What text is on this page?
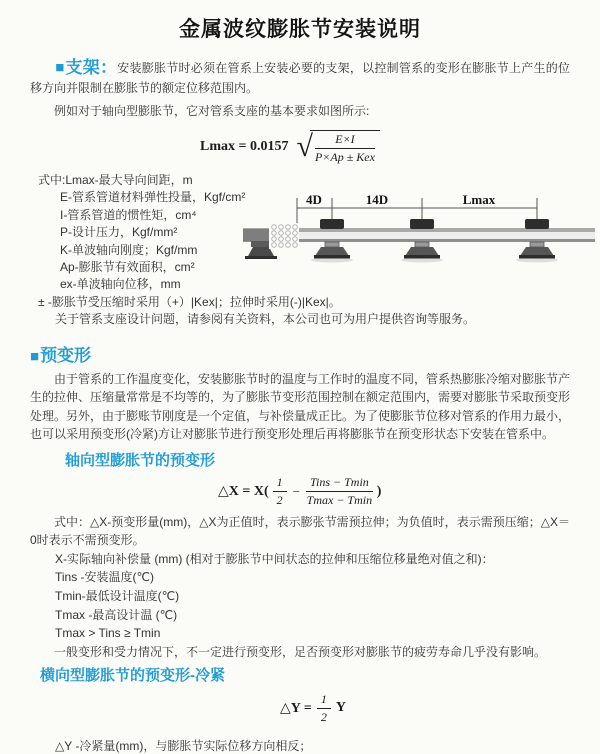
金属波纹膨胀节安装说明

■支架：安装膨胀节时必须在管系上安装必要的支架，以控制管系的变形在膨胀节上产生的位移方向并限制在膨胀节的额定位移范围内。

例如对于轴向型膨胀节，它对管系支座的基本要求如图所示:

Lmax = 0.0157 √ $\frac{E\times I}{\text{P×Ap ± Kex}}$
式中:Lmax-最大导向间距，m
E-管系管道材料弹性投量，Kgf/cm²
I-管系管道的惯性矩，cm⁴
P-设计压力，Kgf/mm²
K-单波轴向刚度；Kgf/mm
Ap-膨胀节有效面积，cm²
ex-单波轴向位移，mm
± -膨胀节受压缩时采用（+）|Kex|；拉伸时采用(-)|Kex|。
关于管系支座设计问题，请参阅有关资料，本公司也可为用户提供咨询等服务。
4D	14D	Lmax
■预变形

由于管系的工作温度变化，安装膨胀节时的温度与工作时的温度不同，管系热膨胀冷缩对膨胀节产生的拉伸、压缩量常常是不均等的，为了膨胀节变形范围控制在额定范围内，需要对膨胀节采取预变形处理。另外，由于膨账节刚度是一个定值，与补偿量成正比。为了使膨胀节位移对管系的作用力最小，也可以采用预变形(冷紧)方让对膨胀节进行预变形处理后再将膨胀节在预变形状态下安装在管系中。

轴向型膨胀节的预变形
△X = $X( \frac{1}{2} - \frac{\text{Tins − Tmin}}{Tmax - Tmin}$ )
式中：△X-预变形量(mm)，△X为正值时，表示膨张节需预拉伸；为负值时，表示需预压缩；△X＝0时表示不需预变形。
X-实际轴向补偿量 (mm) (相对于膨胀节中间状态的拉伸和压缩位移量绝对值之和)：
Tins -安装温度(℃)
Tmin-最低设计温度(℃)
Tmax -最高设计温 (℃)
Tmax > Tins ≥ Tmin
一般变形和受力情况下，不一定进行预变形，足否预变形对膨胀节的疲劳寿命几乎没有影响。
横向型膨胀节的预变形-冷紧
△Y = $\frac{1}{2}$ Y
△Y -冷紧量(mm)，与膨胀节实际位移方向相反；
